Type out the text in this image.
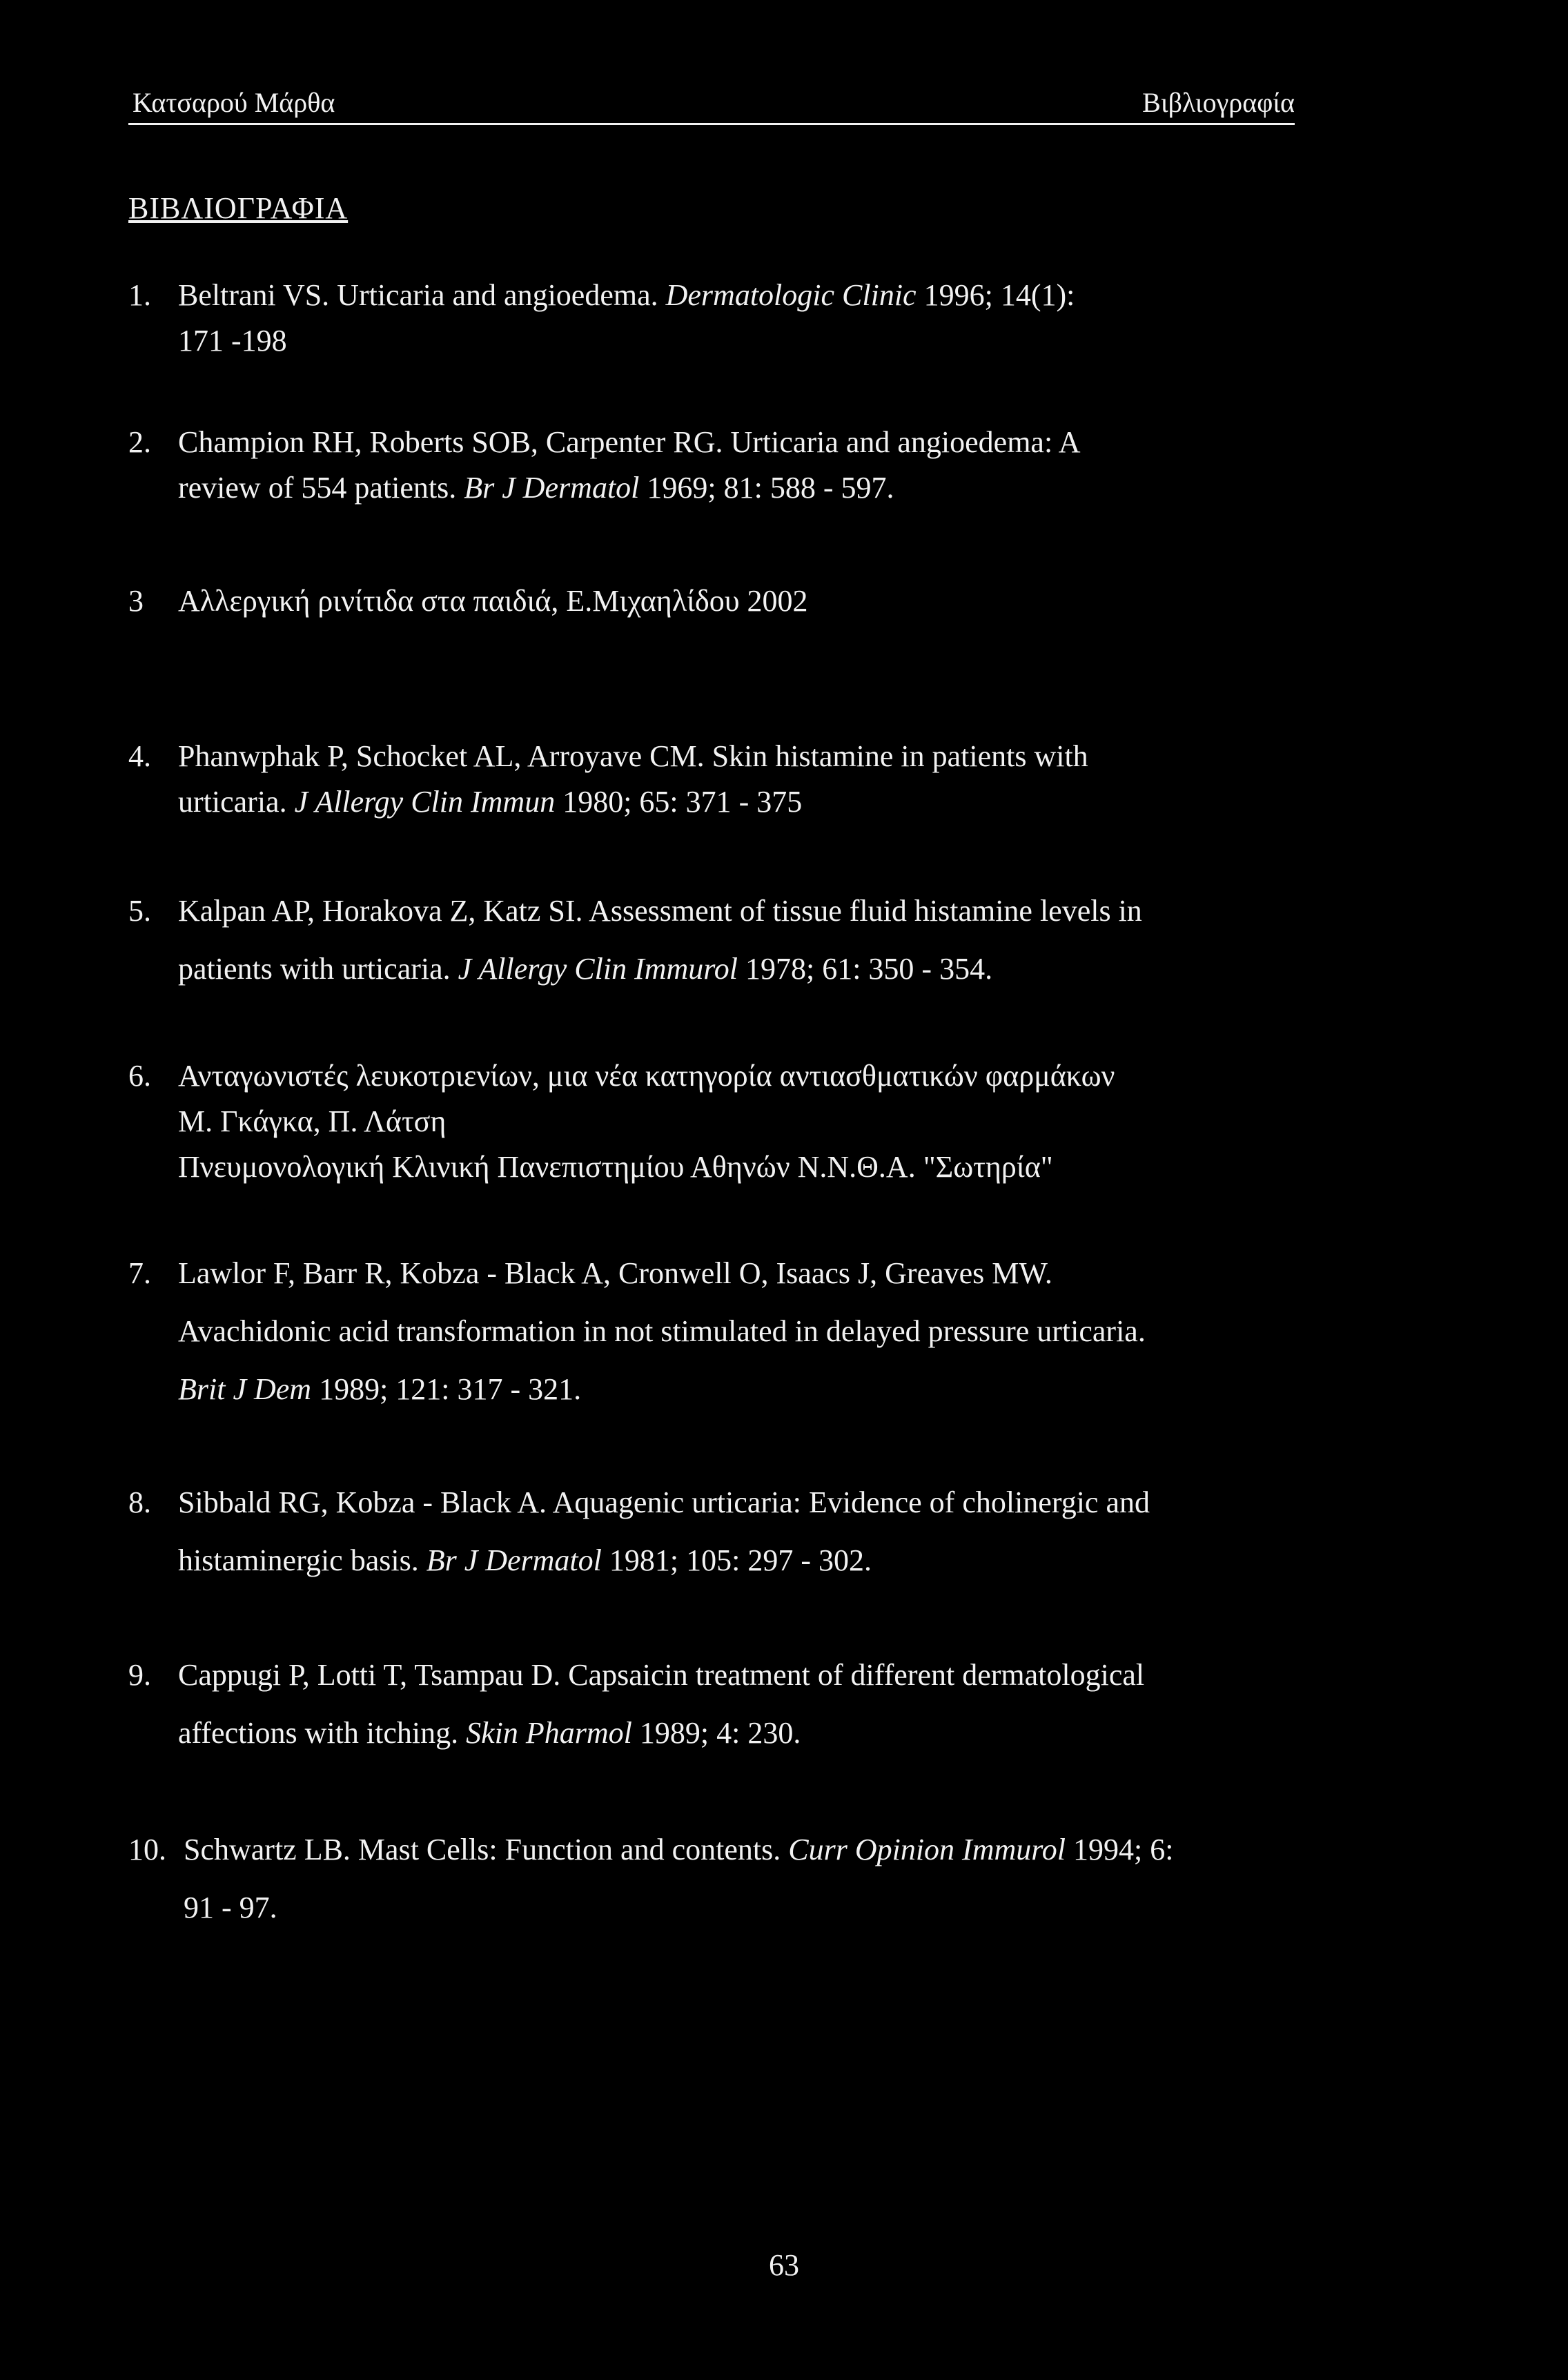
Κατσαρού Μάρθα	Βιβλιογραφία
ΒΙΒΛΙΟΓΡΑΦΙΑ
1. Beltrani VS. Urticaria and angioedema. Dermatologic Clinic 1996; 14(1):
171 -198
2. Champion RH, Roberts SOB, Carpenter RG. Urticaria and angioedema: A
review of 554 patients. Br J Dermatol 1969; 81: 588 - 597.
3 Αλλεργική ρινίτιδα στα παιδιά, Ε.Μιχαηλίδου 2002
4. Phanwphak P, Schocket AL, Arroyave CM. Skin histamine in patients with
urticaria. J Allergy Clin Immun 1980; 65: 371 - 375
5. Kalpan AP, Horakova Z, Katz SI. Assessment of tissue fluid histamine levels in
patients with urticaria. J Allergy Clin Immurol 1978; 61: 350 - 354.
6. Ανταγωνιστές λευκοτριενίων, μια νέα κατηγορία αντιασθματικών φαρμάκων
Μ. Γκάγκα, Π. Λάτση
Πνευμονολογική Κλινική Πανεπιστημίου Αθηνών Ν.Ν.Θ.Α. "Σωτηρία"
7. Lawlor F, Barr R, Kobza - Black A, Cronwell O, Isaacs J, Greaves MW.
Avachidonic acid transformation in not stimulated in delayed pressure urticaria.
Brit J Dem 1989; 121: 317 - 321.
8. Sibbald RG, Kobza - Black A. Aquagenic urticaria: Evidence of cholinergic and
histaminergic basis. Br J Dermatol 1981; 105: 297 - 302.
9. Cappugi P, Lotti T, Tsampau D. Capsaicin treatment of different dermatological
affections with itching. Skin Pharmol 1989; 4: 230.
10. Schwartz LB. Mast Cells: Function and contents. Curr Opinion Immurol 1994; 6:
91 - 97.
63
